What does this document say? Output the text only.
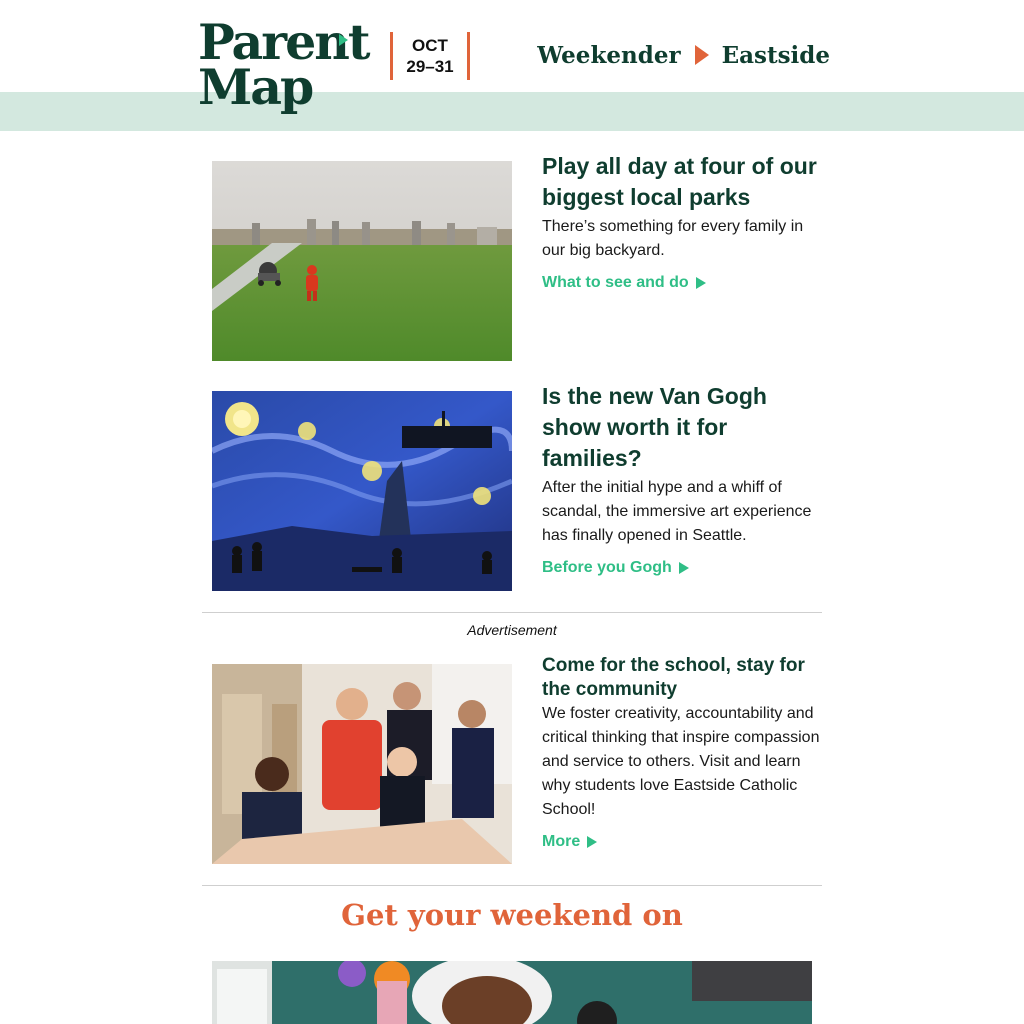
Parent
Map
OCT
29–31	Weekender Eastside
Play all day at four of our biggest local parks

There’s something for every family in our big backyard.

What to see and do
Is the new Van Gogh show worth it for families?

After the initial hype and a whiff of scandal, the immersive art experience has finally opened in Seattle.

Before you Gogh
Advertisement
Come for the school, stay for the community

We foster creativity, accountability and critical thinking that inspire compassion and service to others. Visit and learn why students love Eastside Catholic School!

More
Get your weekend on
